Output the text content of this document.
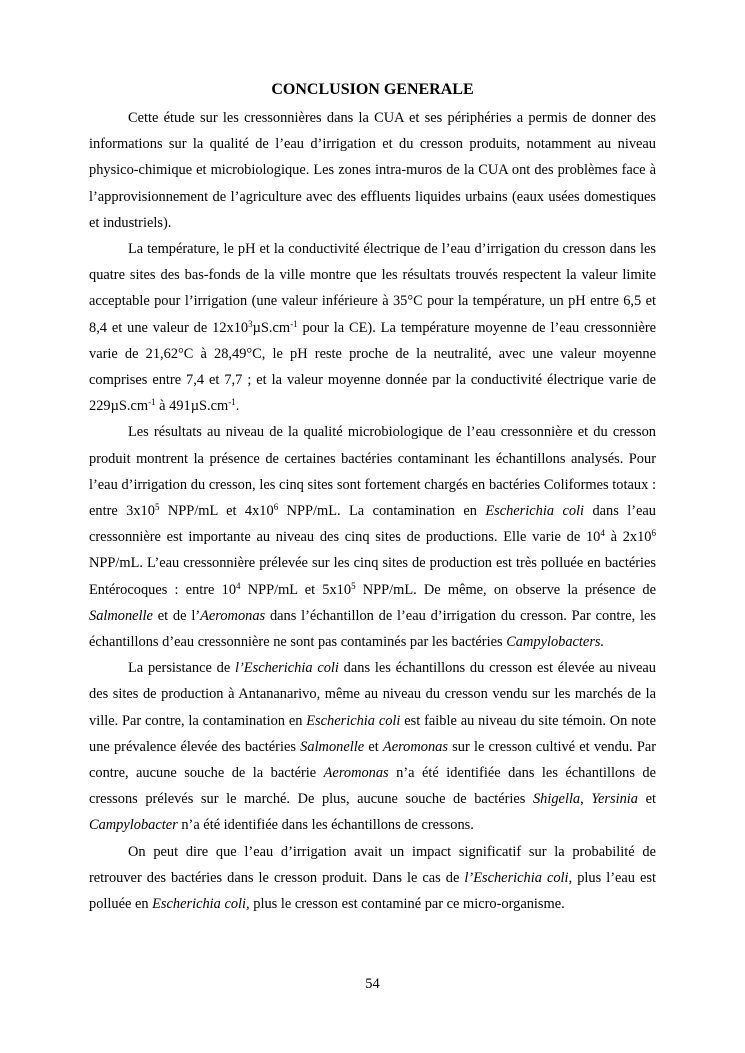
CONCLUSION GENERALE

Cette étude sur les cressonnières dans la CUA et ses périphéries a permis de donner des informations sur la qualité de l’eau d’irrigation et du cresson produits, notamment au niveau physico-chimique et microbiologique. Les zones intra-muros de la CUA ont des problèmes face à l’approvisionnement de l’agriculture avec des effluents liquides urbains (eaux usées domestiques et industriels).

La température, le pH et la conductivité électrique de l’eau d’irrigation du cresson dans les quatre sites des bas-fonds de la ville montre que les résultats trouvés respectent la valeur limite acceptable pour l’irrigation (une valeur inférieure à 35°C pour la température, un pH entre 6,5 et 8,4 et une valeur de $12x10^3\mu S.cm^{-1}$ pour la CE). La température moyenne de l’eau cressonnière varie de 21,62°C à 28,49°C, le pH reste proche de la neutralité, avec une valeur moyenne comprises entre 7,4 et 7,7 ; et la valeur moyenne donnée par la conductivité électrique varie de $229\mu S.cm^{-1}$ à $491\mu S.cm^{-1}$.

Les résultats au niveau de la qualité microbiologique de l’eau cressonnière et du cresson produit montrent la présence de certaines bactéries contaminant les échantillons analysés. Pour l’eau d’irrigation du cresson, les cinq sites sont fortement chargés en bactéries Coliformes totaux : entre $3x10^5$ NPP/mL et $4x10^6$ NPP/mL. La contamination en Escherichia coli dans l’eau cressonnière est importante au niveau des cinq sites de productions. Elle varie de $10^4$ à $2x10^6$ NPP/mL. L’eau cressonnière prélevée sur les cinq sites de production est très polluée en bactéries Entérocoques : entre $10^4$ NPP/mL et $5x10^5$ NPP/mL. De même, on observe la présence de Salmonelle et de l’Aeromonas dans l’échantillon de l’eau d’irrigation du cresson. Par contre, les échantillons d’eau cressonnière ne sont pas contaminés par les bactéries Campylobacters.

La persistance de l’Escherichia coli dans les échantillons du cresson est élevée au niveau des sites de production à Antananarivo, même au niveau du cresson vendu sur les marchés de la ville. Par contre, la contamination en Escherichia coli est faible au niveau du site témoin. On note une prévalence élevée des bactéries Salmonelle et Aeromonas sur le cresson cultivé et vendu. Par contre, aucune souche de la bactérie Aeromonas n’a été identifiée dans les échantillons de cressons prélevés sur le marché. De plus, aucune souche de bactéries Shigella, Yersinia et Campylobacter n’a été identifiée dans les échantillons de cressons.

On peut dire que l’eau d’irrigation avait un impact significatif sur la probabilité de retrouver des bactéries dans le cresson produit. Dans le cas de l’Escherichia coli, plus l’eau est polluée en Escherichia coli, plus le cresson est contaminé par ce micro-organisme.

54
